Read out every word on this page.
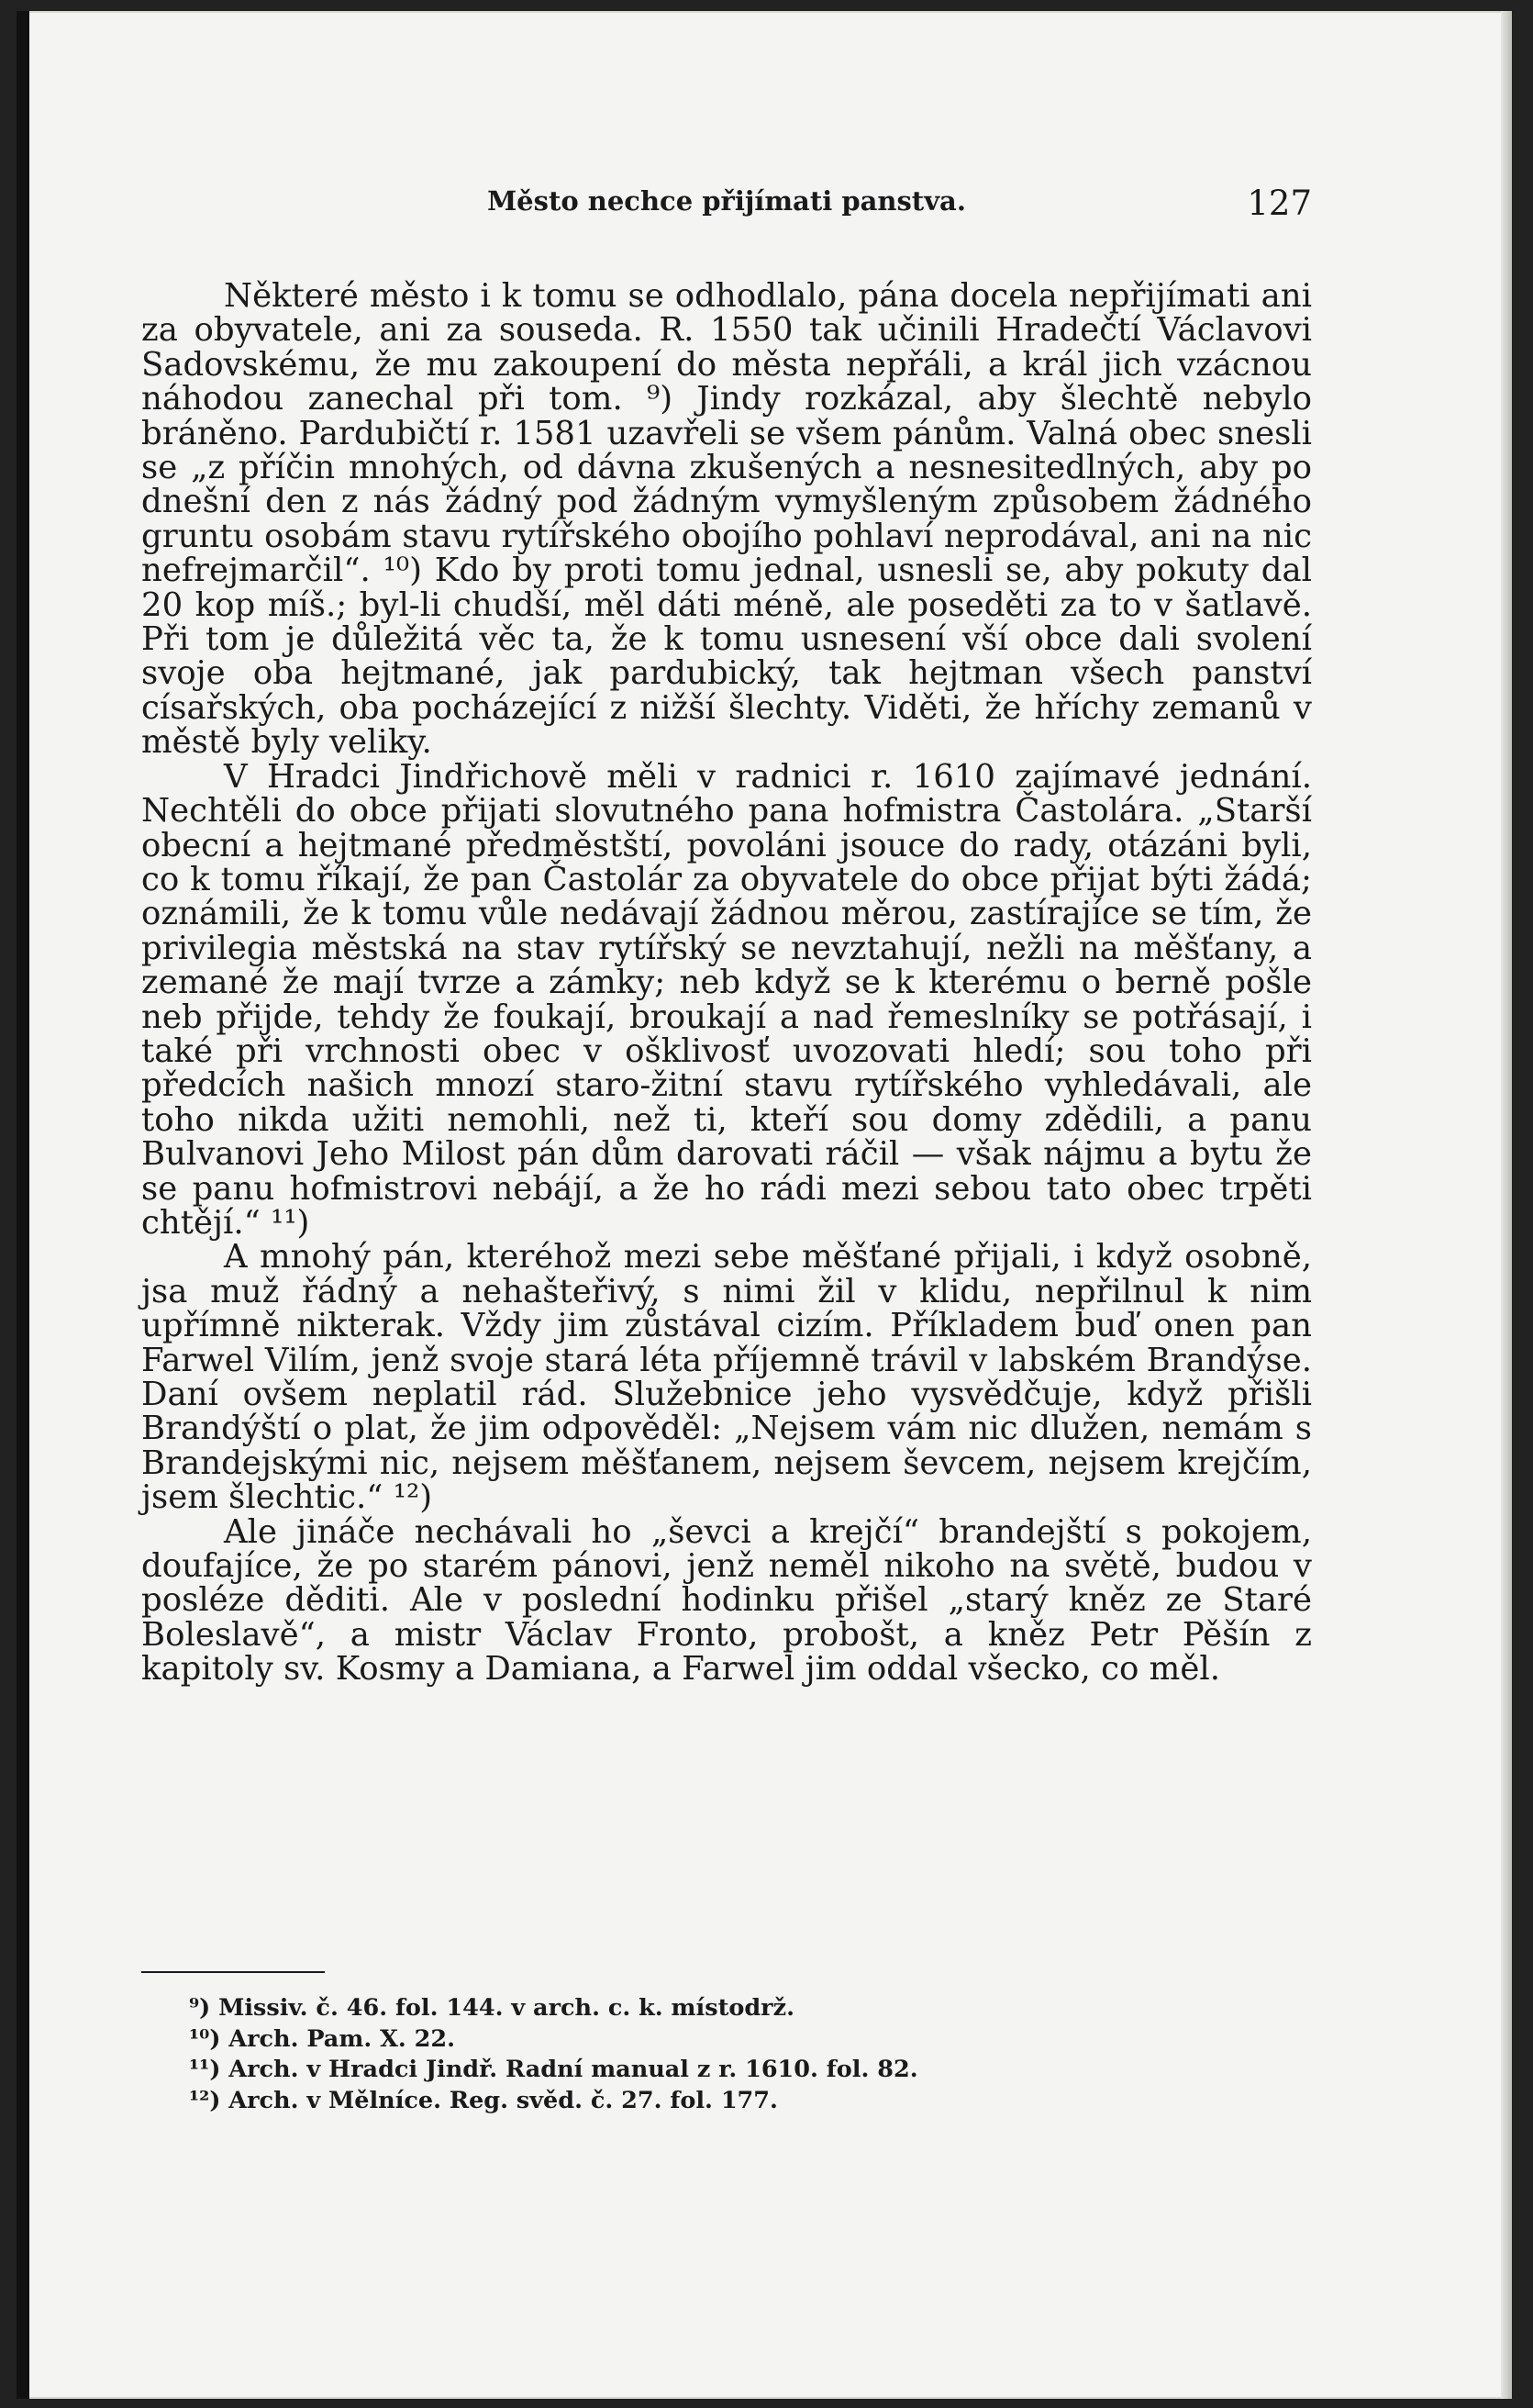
Město nechce přijímati panstva.	127

Některé město i k tomu se odhodlalo, pána docela nepřijímati ani za obyvatele, ani za souseda. R. 1550 tak učinili Hradečtí Václavovi Sadovskému, že mu zakoupení do města nepřáli, a král jich vzácnou náhodou zanechal při tom. ⁹) Jindy rozkázal, aby šlechtě nebylo bráněno. Pardubičtí r. 1581 uzavřeli se všem pánům. Valná obec snesli se „z příčin mnohých, od dávna zkušených a nesnesitedlných, aby po dnešní den z nás žádný pod žádným vymyšleným způsobem žádného gruntu osobám stavu rytířského obojího pohlaví neprodával, ani na nic nefrejmarčil“. ¹⁰) Kdo by proti tomu jednal, usnesli se, aby pokuty dal 20 kop míš.; byl-li chudší, měl dáti méně, ale poseděti za to v šatlavě. Při tom je důležitá věc ta, že k tomu usnesení vší obce dali svolení svoje oba hejtmané, jak pardubický, tak hejtman všech panství císařských, oba pocházející z nižší šlechty. Viděti, že hříchy zemanů v městě byly veliky.

V Hradci Jindřichově měli v radnici r. 1610 zajímavé jednání. Nechtěli do obce přijati slovutného pana hofmistra Častolára. „Starší obecní a hejtmané předměstští, povoláni jsouce do rady, otázáni byli, co k tomu říkají, že pan Častolár za obyvatele do obce přijat býti žádá; oznámili, že k tomu vůle nedávají žádnou měrou, zastírajíce se tím, že privilegia městská na stav rytířský se nevztahují, nežli na měšťany, a zemané že mají tvrze a zámky; neb když se k kterému o berně pošle neb přijde, tehdy že foukají, broukají a nad řemeslníky se potřásají, i také při vrchnosti obec v ošklivosť uvozovati hledí; sou toho při předcích našich mnozí staro-žitní stavu rytířského vyhledávali, ale toho nikda užiti nemohli, než ti, kteří sou domy zdědili, a panu Bulvanovi Jeho Milost pán dům darovati ráčil — však nájmu a bytu že se panu hofmistrovi nebájí, a že ho rádi mezi sebou tato obec trpěti chtějí.“ ¹¹)

A mnohý pán, kteréhož mezi sebe měšťané přijali, i když osobně, jsa muž řádný a nehašteřivý, s nimi žil v klidu, nepřilnul k nim upřímně nikterak. Vždy jim zůstával cizím. Příkladem buď onen pan Farwel Vilím, jenž svoje stará léta příjemně trávil v labském Brandýse. Daní ovšem neplatil rád. Služebnice jeho vysvědčuje, když přišli Brandýští o plat, že jim odpověděl: „Nejsem vám nic dlužen, nemám s Brandejskými nic, nejsem měšťanem, nejsem ševcem, nejsem krejčím, jsem šlechtic.“ ¹²)

Ale jináče nechávali ho „ševci a krejčí“ brandejští s pokojem, doufajíce, že po starém pánovi, jenž neměl nikoho na světě, budou v posléze děditi. Ale v poslední hodinku přišel „starý kněz ze Staré Boleslavě“, a mistr Václav Fronto, probošt, a kněz Petr Pěšín z kapitoly sv. Kosmy a Damiana, a Farwel jim oddal všecko, co měl.

⁹) Missiv. č. 46. fol. 144. v arch. c. k. místodrž.
¹⁰) Arch. Pam. X. 22.
¹¹) Arch. v Hradci Jindř. Radní manual z r. 1610. fol. 82.
¹²) Arch. v Mělníce. Reg. svěd. č. 27. fol. 177.
